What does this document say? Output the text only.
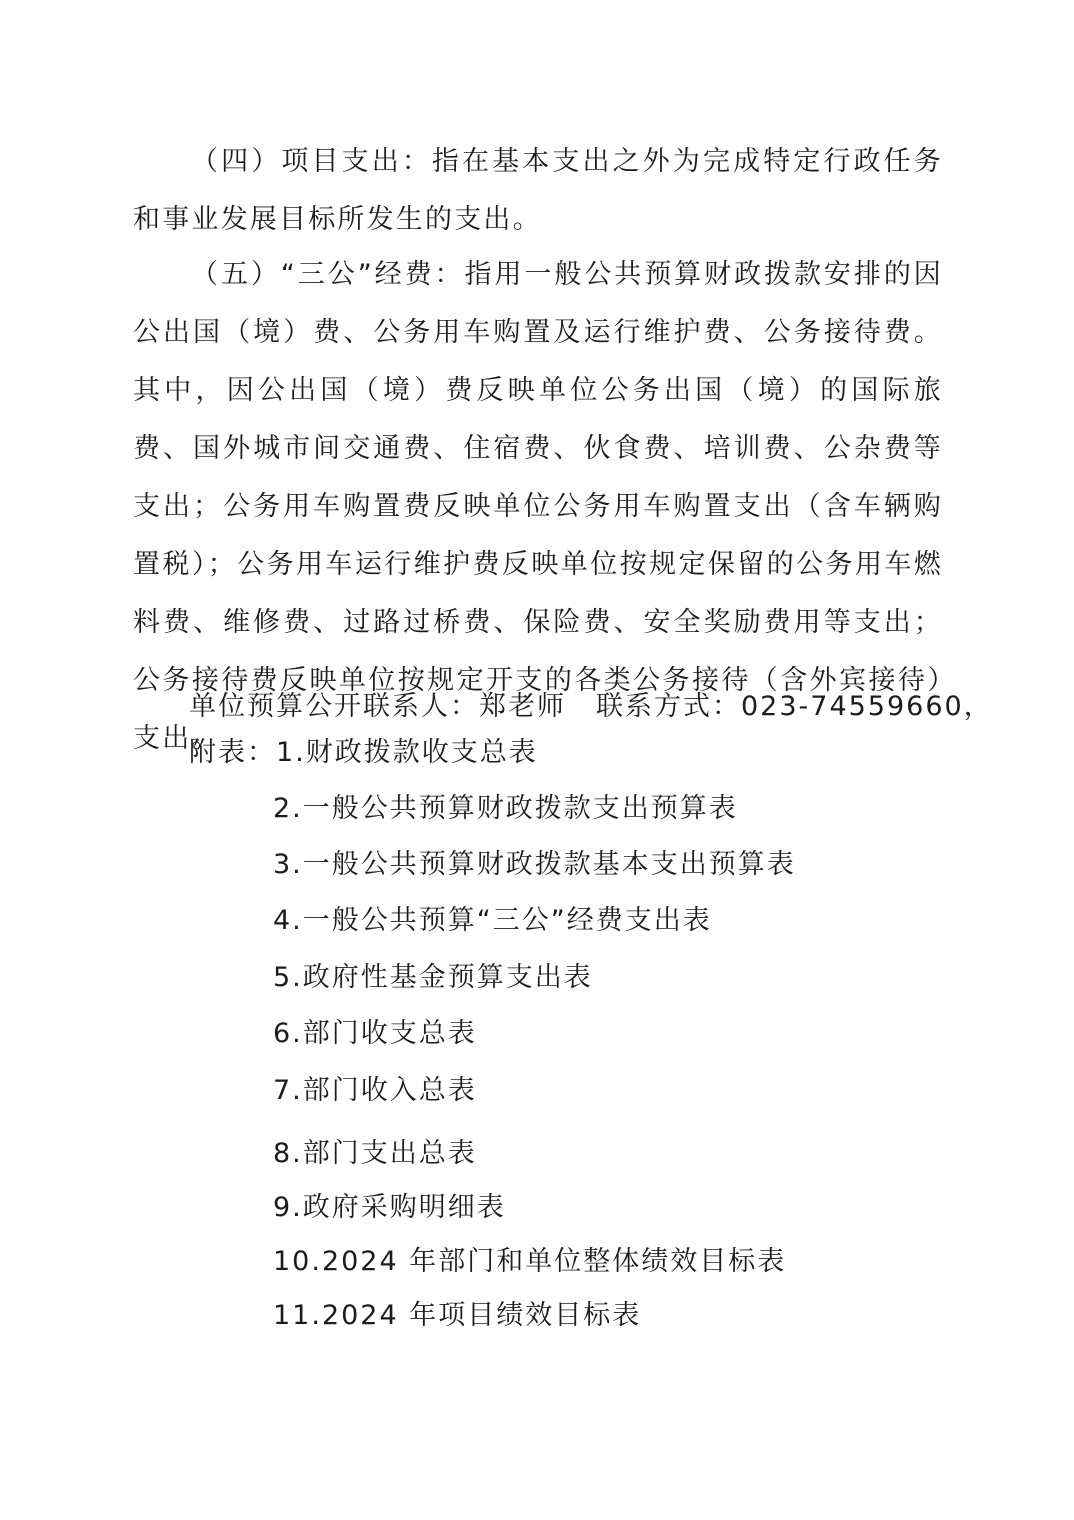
（四）项目支出：指在基本支出之外为完成特定行政任务和事业发展目标所发生的支出。

（五）“三公”经费：指用一般公共预算财政拨款安排的因公出国（境）费、公务用车购置及运行维护费、公务接待费。其中，因公出国（境）费反映单位公务出国（境）的国际旅费、国外城市间交通费、住宿费、伙食费、培训费、公杂费等支出；公务用车购置费反映单位公务用车购置支出（含车辆购置税）；公务用车运行维护费反映单位按规定保留的公务用车燃料费、维修费、过路过桥费、保险费、安全奖励费用等支出；公务接待费反映单位按规定开支的各类公务接待（含外宾接待）支出。

单位预算公开联系人：郑老师 联系方式：023-74559660，
附表：1.财政拨款收支总表
2.一般公共预算财政拨款支出预算表
3.一般公共预算财政拨款基本支出预算表
4.一般公共预算“三公”经费支出表
5.政府性基金预算支出表
6.部门收支总表
7.部门收入总表
8.部门支出总表
9.政府采购明细表
10.2024 年部门和单位整体绩效目标表
11.2024 年项目绩效目标表
